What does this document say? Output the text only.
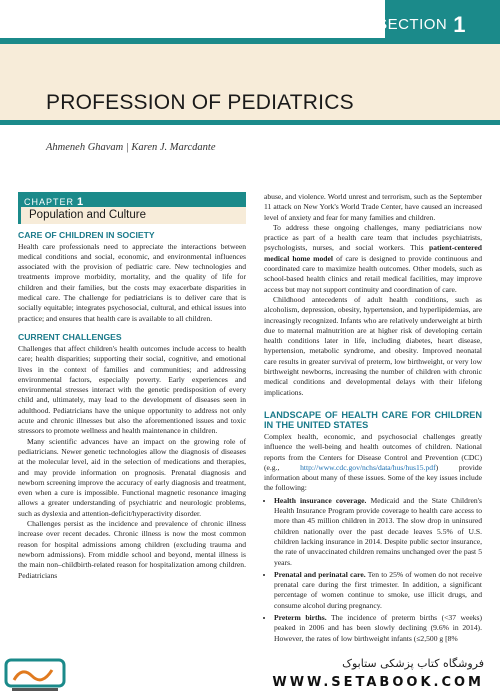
SECTION 1
PROFESSION OF PEDIATRICS
Ahmeneh Ghavam | Karen J. Marcdante
CHAPTER 1
Population and Culture
CARE OF CHILDREN IN SOCIETY

Health care professionals need to appreciate the interactions between medical conditions and social, economic, and environmental influences associated with the provision of pediatric care. New technologies and treatments improve morbidity, mortality, and the quality of life for children and their families, but the costs may exacerbate disparities in medical care. The challenge for pediatricians is to deliver care that is socially equitable; integrates psychosocial, cultural, and ethical issues into practice; and ensures that health care is available to all children.

CURRENT CHALLENGES

Challenges that affect children's health outcomes include access to health care; health disparities; supporting their social, cognitive, and emotional lives in the context of families and communities; and addressing environmental factors, especially poverty. Early experiences and environmental stresses interact with the genetic predisposition of every child and, ultimately, may lead to the development of diseases seen in adulthood. Pediatricians have the unique opportunity to address not only acute and chronic illnesses but also the aforementioned issues and toxic stressors to promote wellness and health maintenance in children.

Many scientific advances have an impact on the growing role of pediatricians. Newer genetic technologies allow the diagnosis of diseases at the molecular level, aid in the selection of medications and therapies, and may provide information on prognosis. Prenatal diagnosis and newborn screening improve the accuracy of early diagnosis and treatment, even when a cure is impossible. Functional magnetic resonance imaging allows a greater understanding of psychiatric and neurologic problems, such as dyslexia and attention-deficit/hyperactivity disorder.

Challenges persist as the incidence and prevalence of chronic illness increase over recent decades. Chronic illness is now the most common reason for hospital admissions among children (excluding trauma and newborn admissions). From middle school and beyond, mental illness is the main non–childbirth-related reason for hospitalization among children. Pediatricians

abuse, and violence. World unrest and terrorism, such as the September 11 attack on New York's World Trade Center, have caused an increased level of anxiety and fear for many families and children.

To address these ongoing challenges, many pediatricians now practice as part of a health care team that includes psychiatrists, psychologists, nurses, and social workers. This patient-centered medical home model of care is designed to provide continuous and coordinated care to maximize health outcomes. Other models, such as school-based health clinics and retail medical facilities, may improve access but may not support continuity and coordination of care.

Childhood antecedents of adult health conditions, such as alcoholism, depression, obesity, hypertension, and hyperlipidemias, are increasingly recognized. Infants who are relatively underweight at birth due to maternal malnutrition are at higher risk of developing certain health conditions later in life, including diabetes, heart disease, hypertension, metabolic syndrome, and obesity. Improved neonatal care results in greater survival of preterm, low birthweight, or very low birthweight newborns, increasing the number of children with chronic medical conditions and developmental delays with their lifelong implications.

LANDSCAPE OF HEALTH CARE FOR CHILDREN IN THE UNITED STATES

Complex health, economic, and psychosocial challenges greatly influence the well-being and health outcomes of children. National reports from the Centers for Disease Control and Prevention (CDC) (e.g., http://www.cdc.gov/nchs/data/hus/hus15.pdf) provide information about many of these issues. Some of the key issues include the following:

• Health insurance coverage. Medicaid and the State Children's Health Insurance Program provide coverage to health care access to more than 45 million children in 2013. The slow drop in uninsured children nationally over the past decade leaves 5.5% of U.S. children lacking insurance in 2014. Despite public sector insurance, the rate of unvaccinated children remains unchanged over the past 5 years.
• Prenatal and perinatal care. Ten to 25% of women do not receive prenatal care during the first trimester. In addition, a significant percentage of women continue to smoke, use illicit drugs, and consume alcohol during pregnancy.
• Preterm births. The incidence of preterm births (<37 weeks) peaked in 2006 and has been slowly declining (9.6% in 2014). However, the rates of low birthweight infants (≤2,500 g [8%
فروشگاه کتاب پزشکی ستابوک
WWW.SETABOOK.COM
